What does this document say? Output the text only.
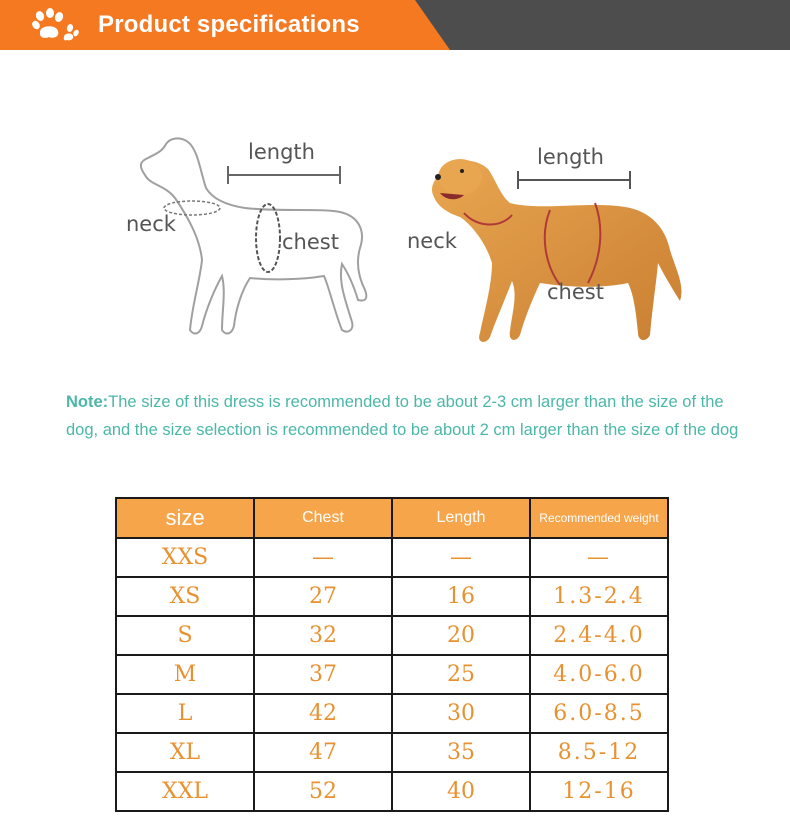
Product specifications
length
neck
chest
length
neck
chest
Note:The size of this dress is recommended to be about 2-3 cm larger than the size of the dog, and the size selection is recommended to be about 2 cm larger than the size of the dog
size	Chest	Length	Recommended weight
XXS	—	—	—
XS	27	16	1.3-2.4
S	32	20	2.4-4.0
M	37	25	4.0-6.0
L	42	30	6.0-8.5
XL	47	35	8.5-12
XXL	52	40	12-16
